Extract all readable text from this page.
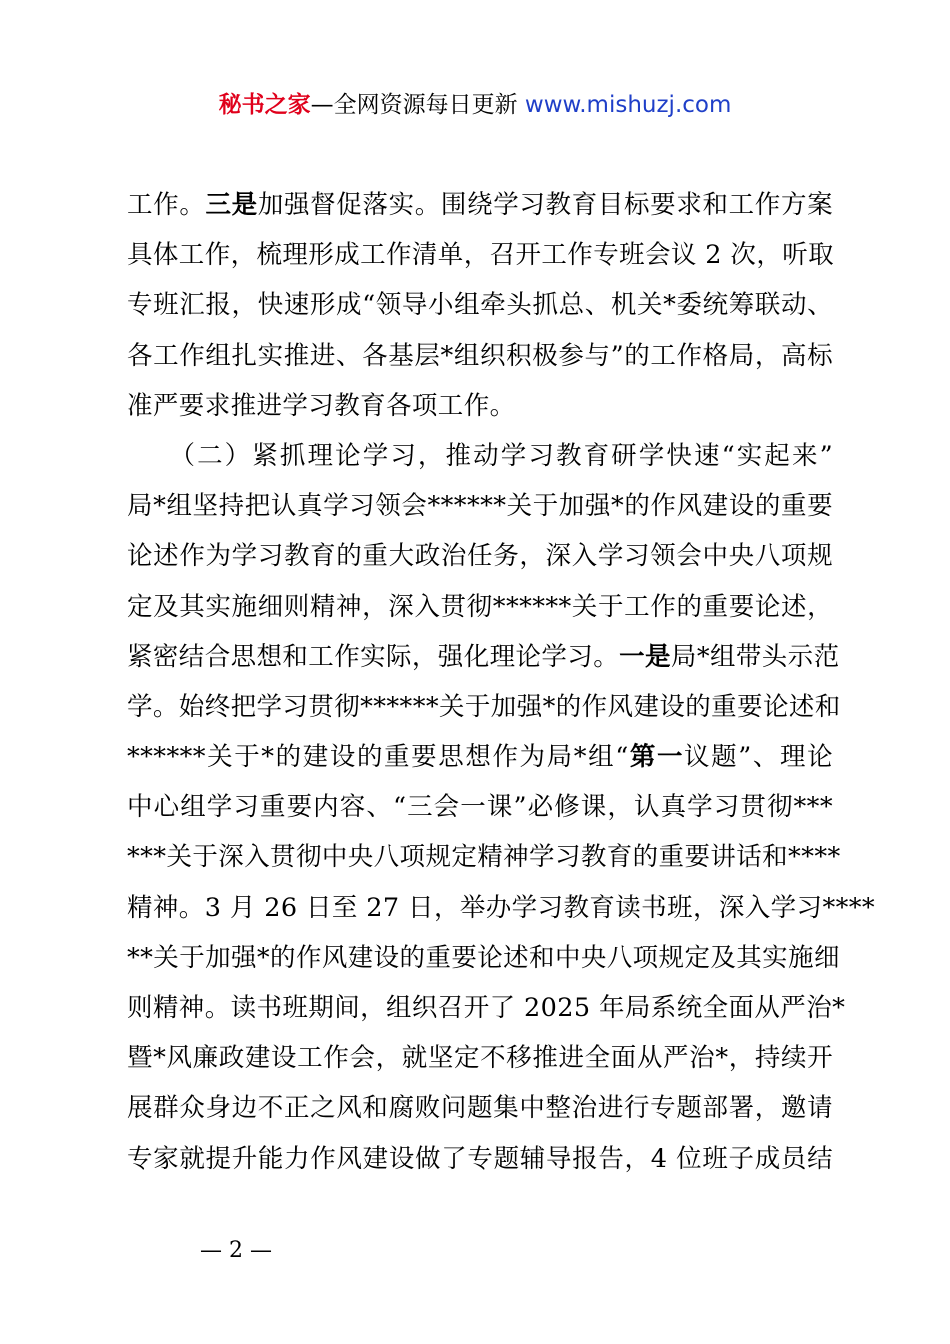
秘书之家—全网资源每日更新 www.mishuzj.com
工作。三是加强督促落实。围绕学习教育目标要求和工作方案
具体工作，梳理形成工作清单，召开工作专班会议 2 次，听取
专班汇报，快速形成“领导小组牵头抓总、机关*委统筹联动、
各工作组扎实推进、各基层*组织积极参与”的工作格局，高标
准严要求推进学习教育各项工作。
　　（二）紧抓理论学习，推动学习教育研学快速“实起来”
局*组坚持把认真学习领会******关于加强*的作风建设的重要
论述作为学习教育的重大政治任务，深入学习领会中央八项规
定及其实施细则精神，深入贯彻******关于工作的重要论述，
紧密结合思想和工作实际，强化理论学习。一是局*组带头示范
学。始终把学习贯彻******关于加强*的作风建设的重要论述和
******关于*的建设的重要思想作为局*组“第一议题”、理论
中心组学习重要内容、“三会一课”必修课，认真学习贯彻***
***关于深入贯彻中央八项规定精神学习教育的重要讲话和****
精神。3 月 26 日至 27 日，举办学习教育读书班，深入学习****
**关于加强*的作风建设的重要论述和中央八项规定及其实施细
则精神。读书班期间，组织召开了 2025 年局系统全面从严治*
暨*风廉政建设工作会，就坚定不移推进全面从严治*，持续开
展群众身边不正之风和腐败问题集中整治进行专题部署，邀请
专家就提升能力作风建设做了专题辅导报告，4 位班子成员结
— 2 —
